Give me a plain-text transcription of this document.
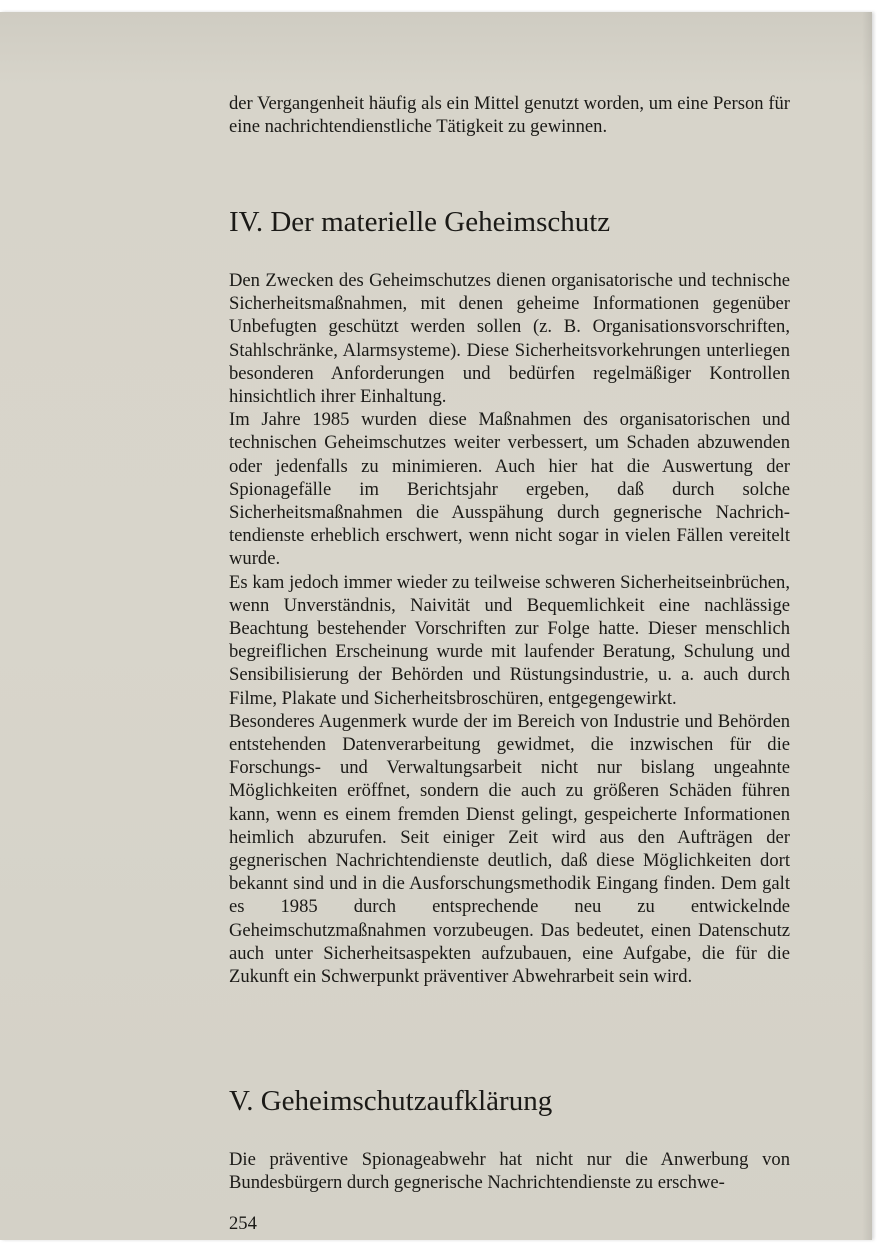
der Vergangenheit häufig als ein Mittel genutzt worden, um eine Person für eine nachrichtendienstliche Tätigkeit zu gewinnen.

IV. Der materielle Geheimschutz

Den Zwecken des Geheimschutzes dienen organisatorische und technische Sicherheitsmaßnahmen, mit denen geheime Informationen gegenüber Unbefugten geschützt werden sollen (z. B. Organisationsvorschriften, Stahlschränke, Alarmsysteme). Diese Sicherheitsvorkehrungen unterliegen besonderen Anforderungen und bedürfen regelmäßiger Kontrollen hinsichtlich ihrer Einhaltung.

Im Jahre 1985 wurden diese Maßnahmen des organisatorischen und technischen Geheimschutzes weiter verbessert, um Schaden abzuwenden oder jedenfalls zu minimieren. Auch hier hat die Auswertung der Spionagefälle im Berichtsjahr ergeben, daß durch solche Sicherheitsmaßnahmen die Ausspähung durch gegnerische Nachrichtendienste erheblich erschwert, wenn nicht sogar in vielen Fällen vereitelt wurde.

Es kam jedoch immer wieder zu teilweise schweren Sicherheitseinbrüchen, wenn Unverständnis, Naivität und Bequemlichkeit eine nachlässige Beachtung bestehender Vorschriften zur Folge hatte. Dieser menschlich begreiflichen Erscheinung wurde mit laufender Beratung, Schulung und Sensibilisierung der Behörden und Rüstungsindustrie, u. a. auch durch Filme, Plakate und Sicherheitsbroschüren, entgegengewirkt.

Besonderes Augenmerk wurde der im Bereich von Industrie und Behörden entstehenden Datenverarbeitung gewidmet, die inzwischen für die Forschungs- und Verwaltungsarbeit nicht nur bislang ungeahnte Möglichkeiten eröffnet, sondern die auch zu größeren Schäden führen kann, wenn es einem fremden Dienst gelingt, gespeicherte Informationen heimlich abzurufen. Seit einiger Zeit wird aus den Aufträgen der gegnerischen Nachrichtendienste deutlich, daß diese Möglichkeiten dort bekannt sind und in die Ausforschungsmethodik Eingang finden. Dem galt es 1985 durch entsprechende neu zu entwickelnde Geheimschutzmaßnahmen vorzubeugen. Das bedeutet, einen Datenschutz auch unter Sicherheitsaspekten aufzubauen, eine Aufgabe, die für die Zukunft ein Schwerpunkt präventiver Abwehrarbeit sein wird.

V. Geheimschutzaufklärung

Die präventive Spionageabwehr hat nicht nur die Anwerbung von Bundesbürgern durch gegnerische Nachrichtendienste zu erschwe-

254
